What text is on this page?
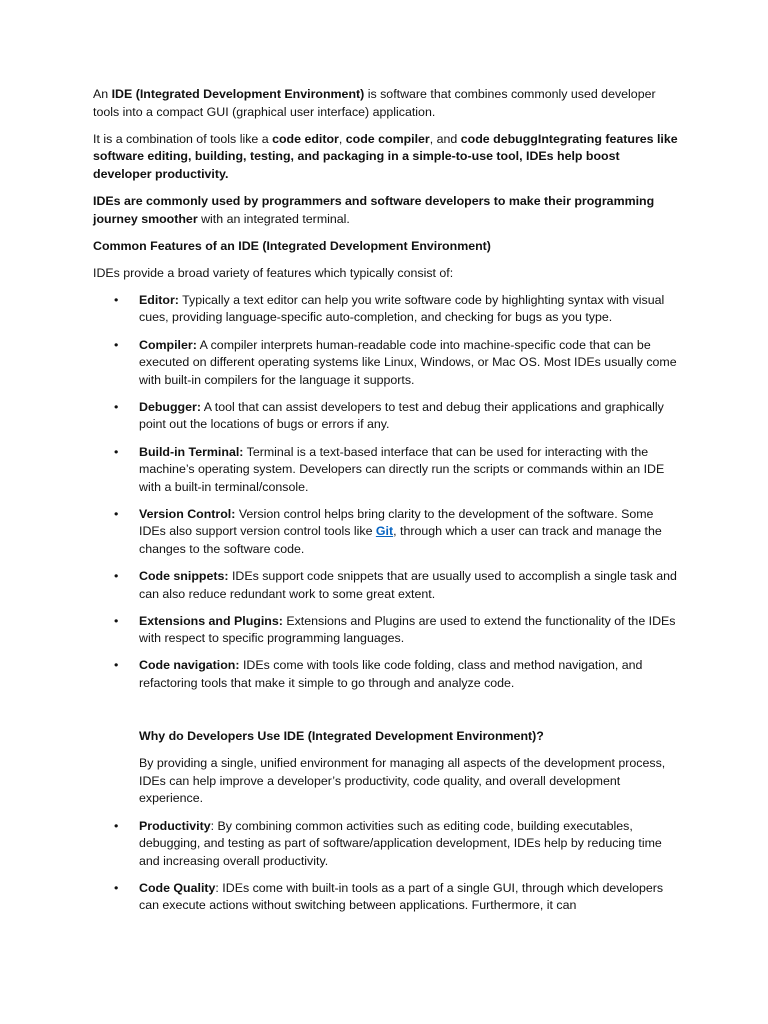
An IDE (Integrated Development Environment) is software that combines commonly used developer tools into a compact GUI (graphical user interface) application.

It is a combination of tools like a code editor, code compiler, and code debuggIntegrating features like software editing, building, testing, and packaging in a simple-to-use tool, IDEs help boost developer productivity.

IDEs are commonly used by programmers and software developers to make their programming journey smoother with an integrated terminal.

Common Features of an IDE (Integrated Development Environment)

IDEs provide a broad variety of features which typically consist of:

• Editor: Typically a text editor can help you write software code by highlighting syntax with visual cues, providing language-specific auto-completion, and checking for bugs as you type.
• Compiler: A compiler interprets human-readable code into machine-specific code that can be executed on different operating systems like Linux, Windows, or Mac OS. Most IDEs usually come with built-in compilers for the language it supports.
• Debugger: A tool that can assist developers to test and debug their applications and graphically point out the locations of bugs or errors if any.
• Build-in Terminal: Terminal is a text-based interface that can be used for interacting with the machine’s operating system. Developers can directly run the scripts or commands within an IDE with a built-in terminal/console.
• Version Control: Version control helps bring clarity to the development of the software. Some IDEs also support version control tools like Git, through which a user can track and manage the changes to the software code.
• Code snippets: IDEs support code snippets that are usually used to accomplish a single task and can also reduce redundant work to some great extent.
• Extensions and Plugins: Extensions and Plugins are used to extend the functionality of the IDEs with respect to specific programming languages.
• Code navigation: IDEs come with tools like code folding, class and method navigation, and refactoring tools that make it simple to go through and analyze code.

Why do Developers Use IDE (Integrated Development Environment)?

By providing a single, unified environment for managing all aspects of the development process, IDEs can help improve a developer’s productivity, code quality, and overall development experience.

• Productivity: By combining common activities such as editing code, building executables, debugging, and testing as part of software/application development, IDEs help by reducing time and increasing overall productivity.
• Code Quality: IDEs come with built-in tools as a part of a single GUI, through which developers can execute actions without switching between applications. Furthermore, it can
